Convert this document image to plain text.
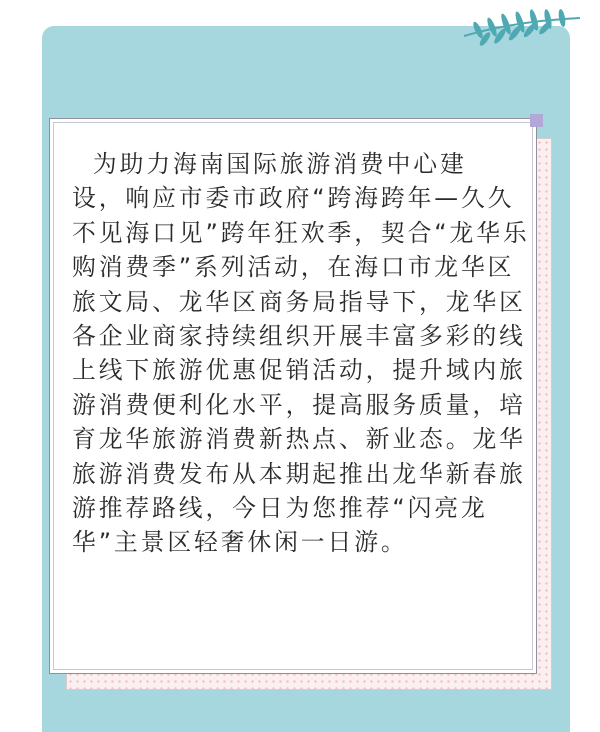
为助力海南国际旅游消费中心建
设，响应市委市政府“跨海跨年—久久
不见海口见”跨年狂欢季，契合“龙华乐
购消费季”系列活动，在海口市龙华区
旅文局、龙华区商务局指导下，龙华区
各企业商家持续组织开展丰富多彩的线
上线下旅游优惠促销活动，提升域内旅
游消费便利化水平，提高服务质量，培
育龙华旅游消费新热点、新业态。龙华
旅游消费发布从本期起推出龙华新春旅
游推荐路线，今日为您推荐“闪亮龙
华”主景区轻奢休闲一日游。
